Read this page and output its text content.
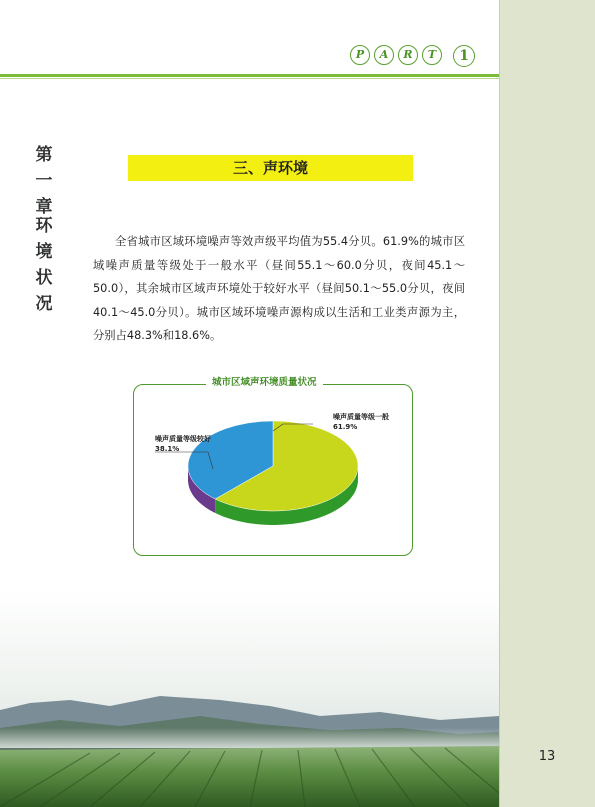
第
一
章
环
境
状
况
13
P A R T 1
三、声环境

全省城市区域环境噪声等效声级平均值为55.4分贝。61.9%的城市区域噪声质量等级处于一般水平（昼间55.1～60.0分贝，夜间45.1～50.0），其余城市区域声环境处于较好水平（昼间50.1～55.0分贝，夜间40.1～45.0分贝）。城市区域环境噪声源构成以生活和工业类声源为主，分别占48.3%和18.6%。

噪声质量等级一般
61.9%
噪声质量等级较好
38.1%
城市区域声环境质量状况
